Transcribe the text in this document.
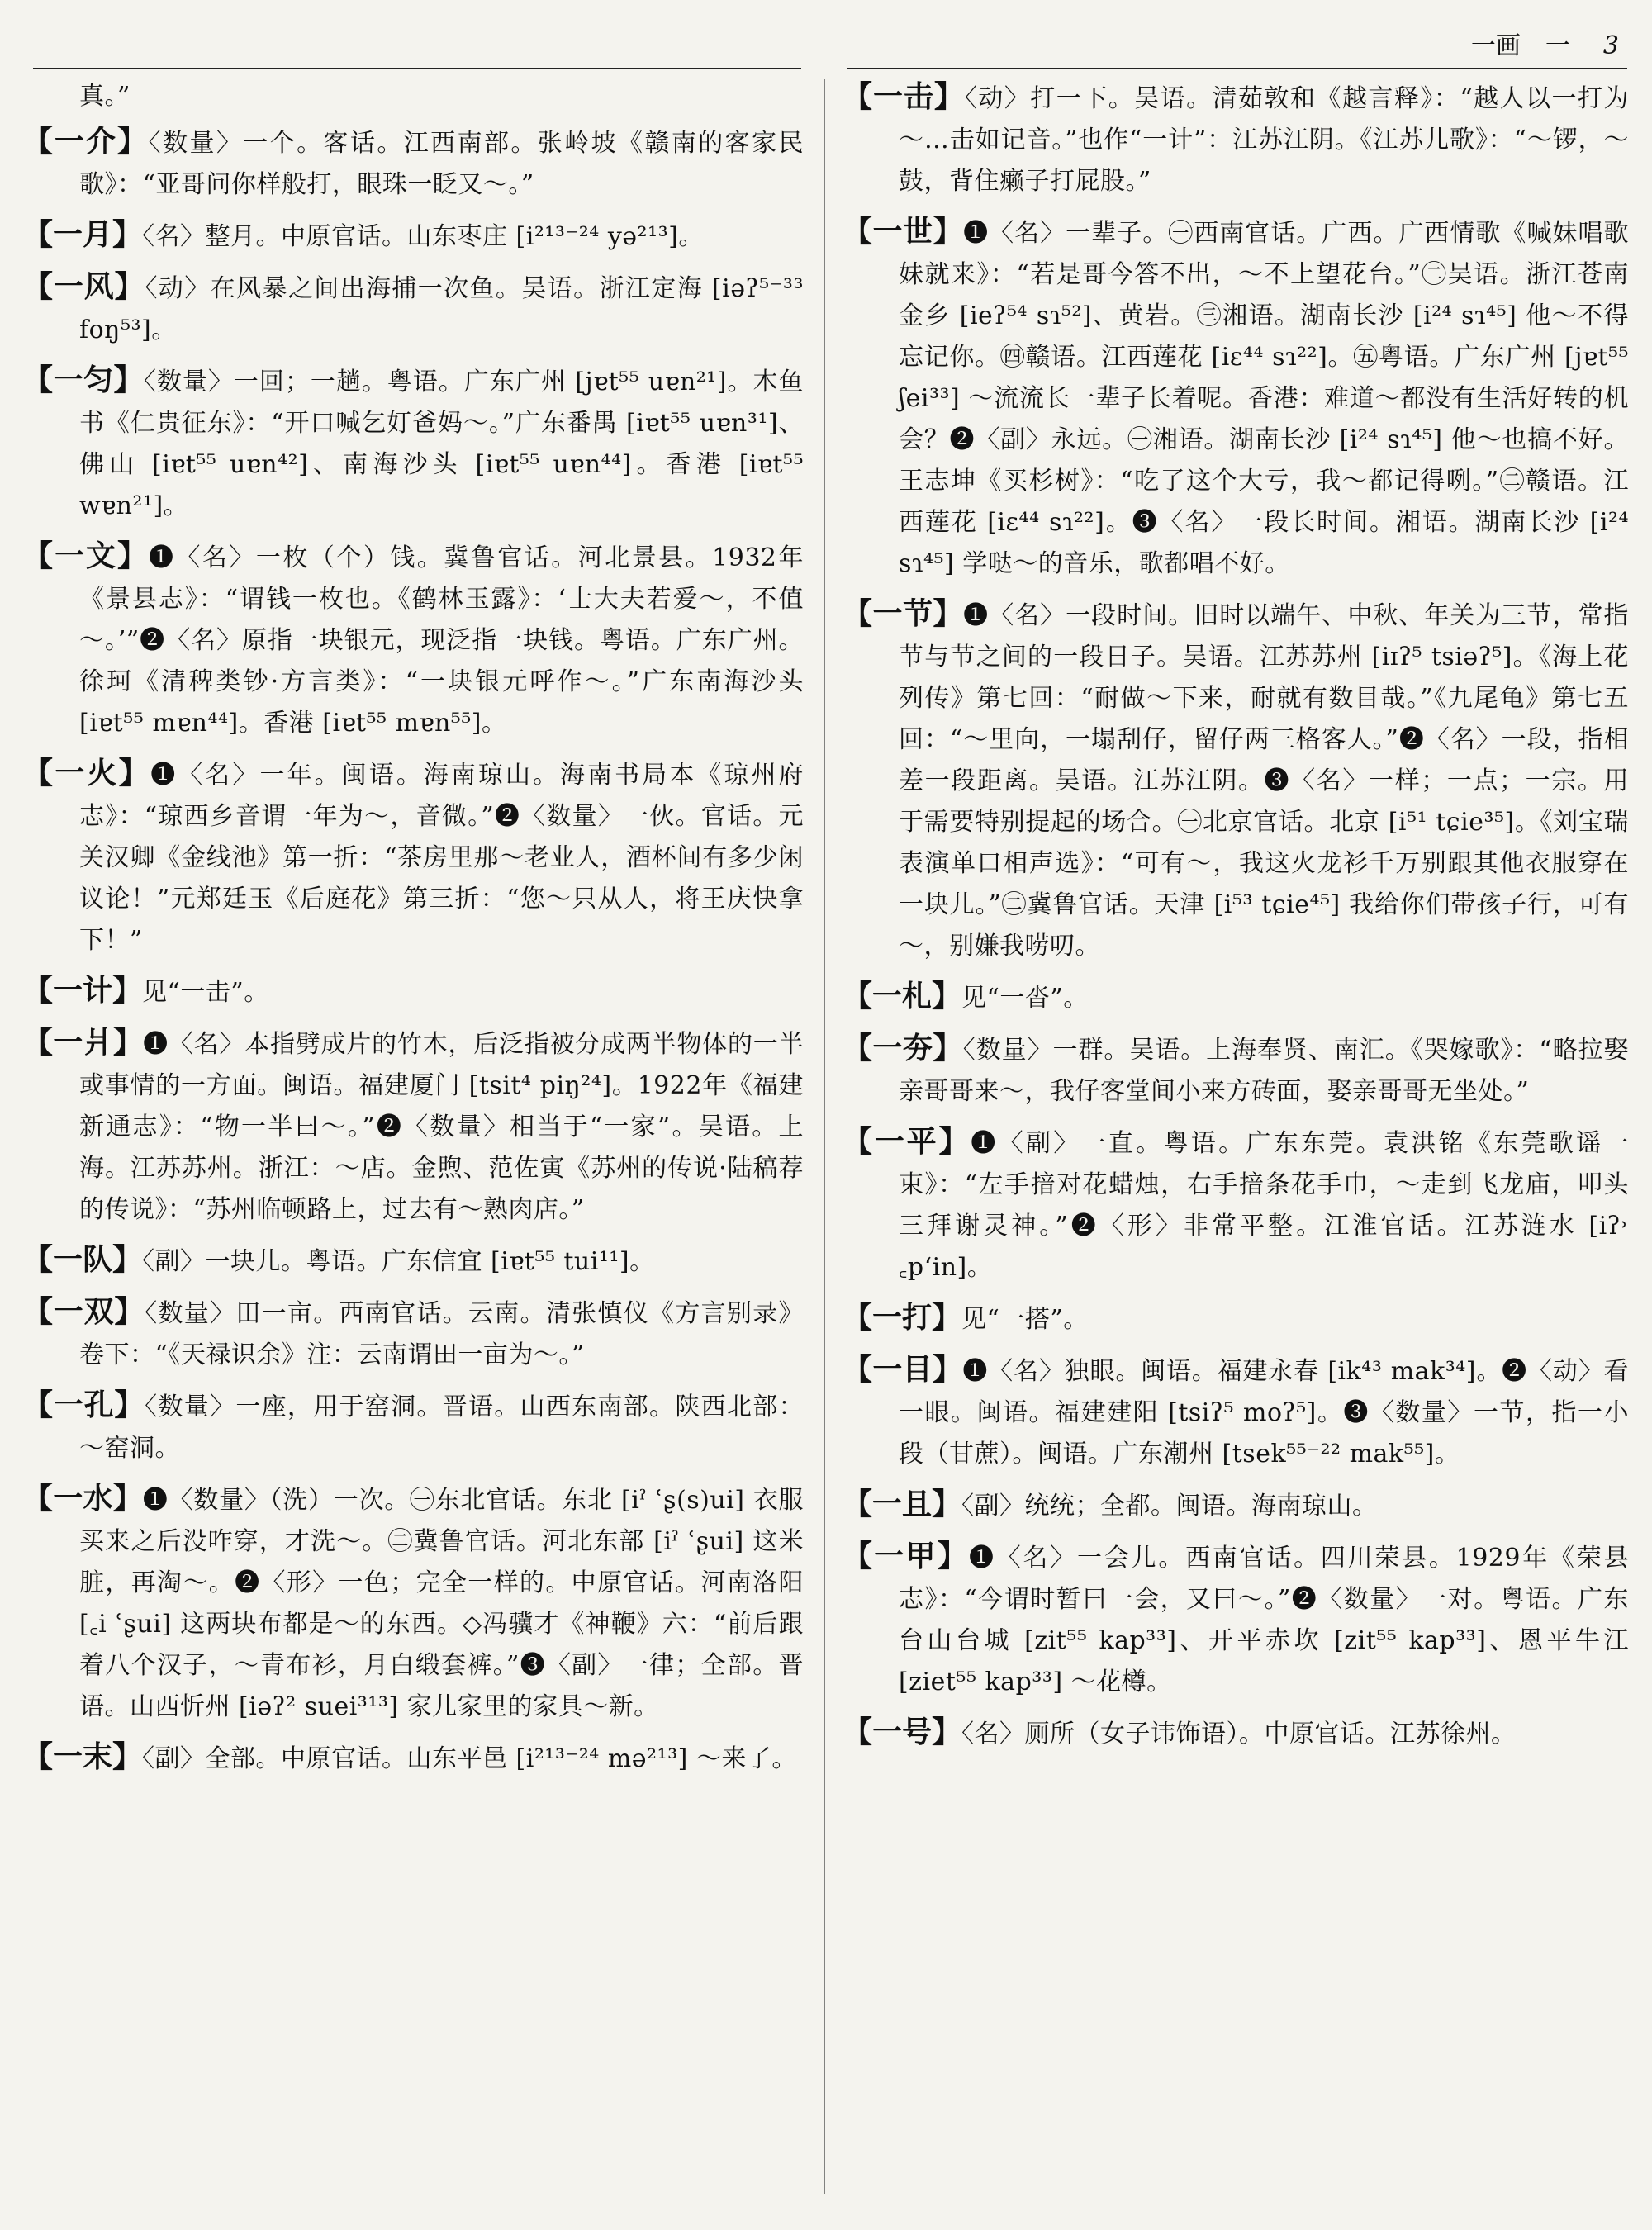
一画　一 3

真。”

【一介】〈数量〉一个。客话。江西南部。张岭坡《赣南的客家民歌》：“亚哥问你样般打，眼珠一眨又～。”

【一月】〈名〉整月。中原官话。山东枣庄 [i²¹³⁻²⁴ yə²¹³]。

【一风】〈动〉在风暴之间出海捕一次鱼。吴语。浙江定海 [iəʔ⁵⁻³³ foŋ⁵³]。

【一匀】〈数量〉一回；一趟。粤语。广东广州 [jɐt⁵⁵ uɐn²¹]。木鱼书《仁贵征东》：“开口喊乞奵爸妈～。”广东番禺 [iɐt⁵⁵ uɐn³¹]、佛山 [iɐt⁵⁵ uɐn⁴²]、南海沙头 [iɐt⁵⁵ uɐn⁴⁴]。香港 [iɐt⁵⁵ wɐn²¹]。

【一文】❶〈名〉一枚（个）钱。冀鲁官话。河北景县。1932年《景县志》：“谓钱一枚也。《鹤林玉露》：‘士大夫若爱～，不值～。’”❷〈名〉原指一块银元，现泛指一块钱。粤语。广东广州。徐珂《清稗类钞·方言类》：“一块银元呼作～。”广东南海沙头 [iɐt⁵⁵ mɐn⁴⁴]。香港 [iɐt⁵⁵ mɐn⁵⁵]。

【一火】❶〈名〉一年。闽语。海南琼山。海南书局本《琼州府志》：“琼西乡音谓一年为～，音微。”❷〈数量〉一伙。官话。元关汉卿《金线池》第一折：“茶房里那～老业人，酒杯间有多少闲议论！”元郑廷玉《后庭花》第三折：“您～只从人，将王庆快拿下！”

【一计】见“一击”。

【一爿】❶〈名〉本指劈成片的竹木，后泛指被分成两半物体的一半或事情的一方面。闽语。福建厦门 [tsit⁴ piŋ²⁴]。1922年《福建新通志》：“物一半曰～。”❷〈数量〉相当于“一家”。吴语。上海。江苏苏州。浙江：～店。金煦、范佐寅《苏州的传说·陆稿荐的传说》：“苏州临顿路上，过去有～熟肉店。”

【一队】〈副〉一块儿。粤语。广东信宜 [iɐt⁵⁵ tui¹¹]。

【一双】〈数量〉田一亩。西南官话。云南。清张慎仪《方言别录》卷下：“《天禄识余》注：云南谓田一亩为～。”

【一孔】〈数量〉一座，用于窑洞。晋语。山西东南部。陕西北部：～窑洞。

【一水】❶〈数量〉（洗）一次。㊀东北官话。东北 [iˀ ʿʂ(s)ui] 衣服买来之后没咋穿，才洗～。㊁冀鲁官话。河北东部 [iˀ ʿʂui] 这米脏，再淘～。❷〈形〉一色；完全一样的。中原官话。河南洛阳 [꜀i ʿʂui] 这两块布都是～的东西。◇冯骥才《神鞭》六：“前后跟着八个汉子，～青布衫，月白缎套裤。”❸〈副〉一律；全部。晋语。山西忻州 [iəʔ² suei³¹³] 家儿家里的家具～新。

【一末】〈副〉全部。中原官话。山东平邑 [i²¹³⁻²⁴ mə²¹³] ～来了。

【一击】〈动〉打一下。吴语。清茹敦和《越言释》：“越人以一打为～…击如记音。”也作“一计”：江苏江阴。《江苏儿歌》：“～锣，～鼓，背住癞子打屁股。”

【一世】❶〈名〉一辈子。㊀西南官话。广西。广西情歌《喊妹唱歌妹就来》：“若是哥今答不出，～不上望花台。”㊁吴语。浙江苍南金乡 [ieʔ⁵⁴ sɿ⁵²]、黄岩。㊂湘语。湖南长沙 [i²⁴ sɿ⁴⁵] 他～不得忘记你。㊃赣语。江西莲花 [iɛ⁴⁴ sɿ²²]。㊄粤语。广东广州 [jɐt⁵⁵ ʃei³³] ～流流长一辈子长着呢。香港：难道～都没有生活好转的机会？❷〈副〉永远。㊀湘语。湖南长沙 [i²⁴ sɿ⁴⁵] 他～也搞不好。王志坤《买杉树》：“吃了这个大亏，我～都记得咧。”㊁赣语。江西莲花 [iɛ⁴⁴ sɿ²²]。❸〈名〉一段长时间。湘语。湖南长沙 [i²⁴ sɿ⁴⁵] 学哒～的音乐，歌都唱不好。

【一节】❶〈名〉一段时间。旧时以端午、中秋、年关为三节，常指节与节之间的一段日子。吴语。江苏苏州 [iɪʔ⁵ tsiəʔ⁵]。《海上花列传》第七回：“耐做～下来，耐就有数目哉。”《九尾龟》第七五回：“～里向，一塌刮仔，留仔两三格客人。”❷〈名〉一段，指相差一段距离。吴语。江苏江阴。❸〈名〉一样；一点；一宗。用于需要特别提起的场合。㊀北京官话。北京 [i⁵¹ tɕie³⁵]。《刘宝瑞表演单口相声选》：“可有～，我这火龙衫千万别跟其他衣服穿在一块儿。”㊁冀鲁官话。天津 [i⁵³ tɕie⁴⁵] 我给你们带孩子行，可有～，别嫌我唠叨。

【一札】见“一沓”。

【一夯】〈数量〉一群。吴语。上海奉贤、南汇。《哭嫁歌》：“略拉娶亲哥哥来～，我仔客堂间小来方砖面，娶亲哥哥无坐处。”

【一平】❶〈副〉一直。粤语。广东东莞。袁洪铭《东莞歌谣一束》：“左手揞对花蜡烛，右手揞条花手巾，～走到飞龙庙，叩头三拜谢灵神。”❷〈形〉非常平整。江淮官话。江苏涟水 [iʔ˒ ꜀pʻin]。

【一打】见“一搭”。

【一目】❶〈名〉独眼。闽语。福建永春 [ik⁴³ mak³⁴]。❷〈动〉看一眼。闽语。福建建阳 [tsiʔ⁵ moʔ⁵]。❸〈数量〉一节，指一小段（甘蔗）。闽语。广东潮州 [tsek⁵⁵⁻²² mak⁵⁵]。

【一且】〈副〉统统；全都。闽语。海南琼山。

【一甲】❶〈名〉一会儿。西南官话。四川荣县。1929年《荣县志》：“今谓时暂曰一会，又曰～。”❷〈数量〉一对。粤语。广东台山台城 [zit⁵⁵ kap³³]、开平赤坎 [zit⁵⁵ kap³³]、恩平牛江 [ziet⁵⁵ kap³³] ～花樽。

【一号】〈名〉厕所（女子讳饰语）。中原官话。江苏徐州。
